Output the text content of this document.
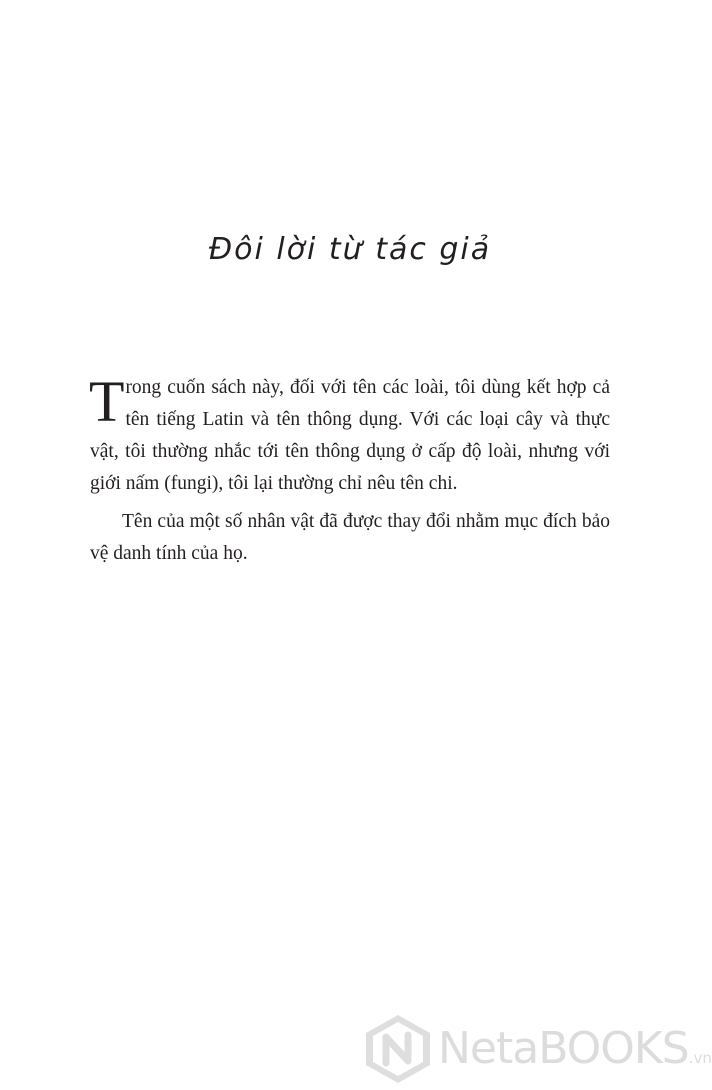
Đôi lời từ tác giả

Trong cuốn sách này, đối với tên các loài, tôi dùng kết hợp cả tên tiếng Latin và tên thông dụng. Với các loại cây và thực vật, tôi thường nhắc tới tên thông dụng ở cấp độ loài, nhưng với giới nấm (fungi), tôi lại thường chỉ nêu tên chi.

Tên của một số nhân vật đã được thay đổi nhằm mục đích bảo vệ danh tính của họ.

NetaBOOKS.vn
